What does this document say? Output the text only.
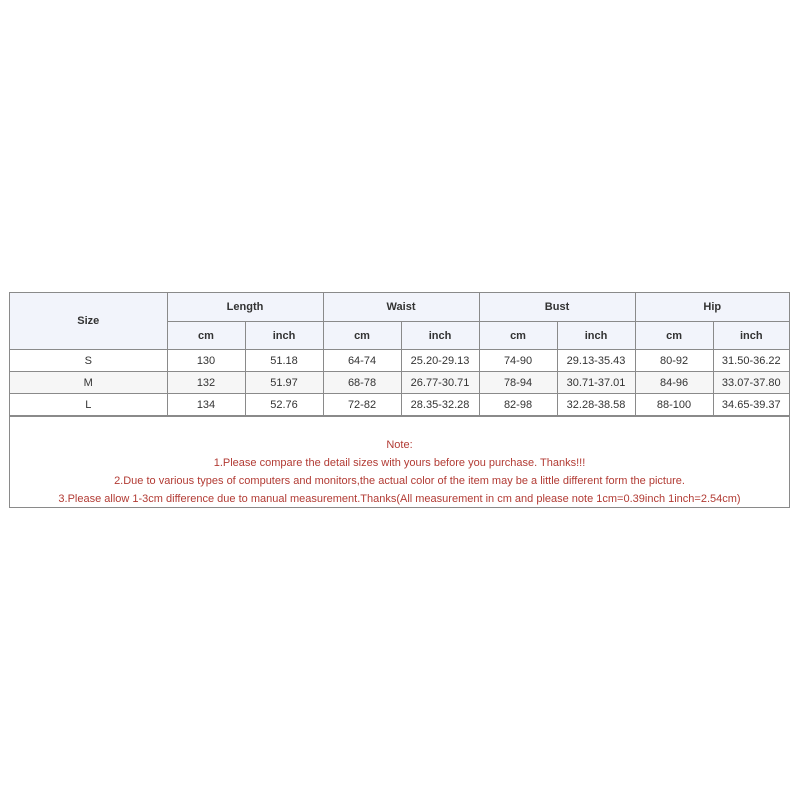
Size	Length		Waist		Bust		Hip	
	cm	inch	cm	inch	cm	inch	cm	inch
S	130	51.18	64-74	25.20-29.13	74-90	29.13-35.43	80-92	31.50-36.22
M	132	51.97	68-78	26.77-30.71	78-94	30.71-37.01	84-96	33.07-37.80
L	134	52.76	72-82	28.35-32.28	82-98	32.28-38.58	88-100	34.65-39.37

Note:

1.Please compare the detail sizes with yours before you purchase. Thanks!!!

2.Due to various types of computers and monitors,the actual color of the item may be a little different form the picture.

3.Please allow 1-3cm difference due to manual measurement.Thanks(All measurement in cm and please note 1cm=0.39inch 1inch=2.54cm)
